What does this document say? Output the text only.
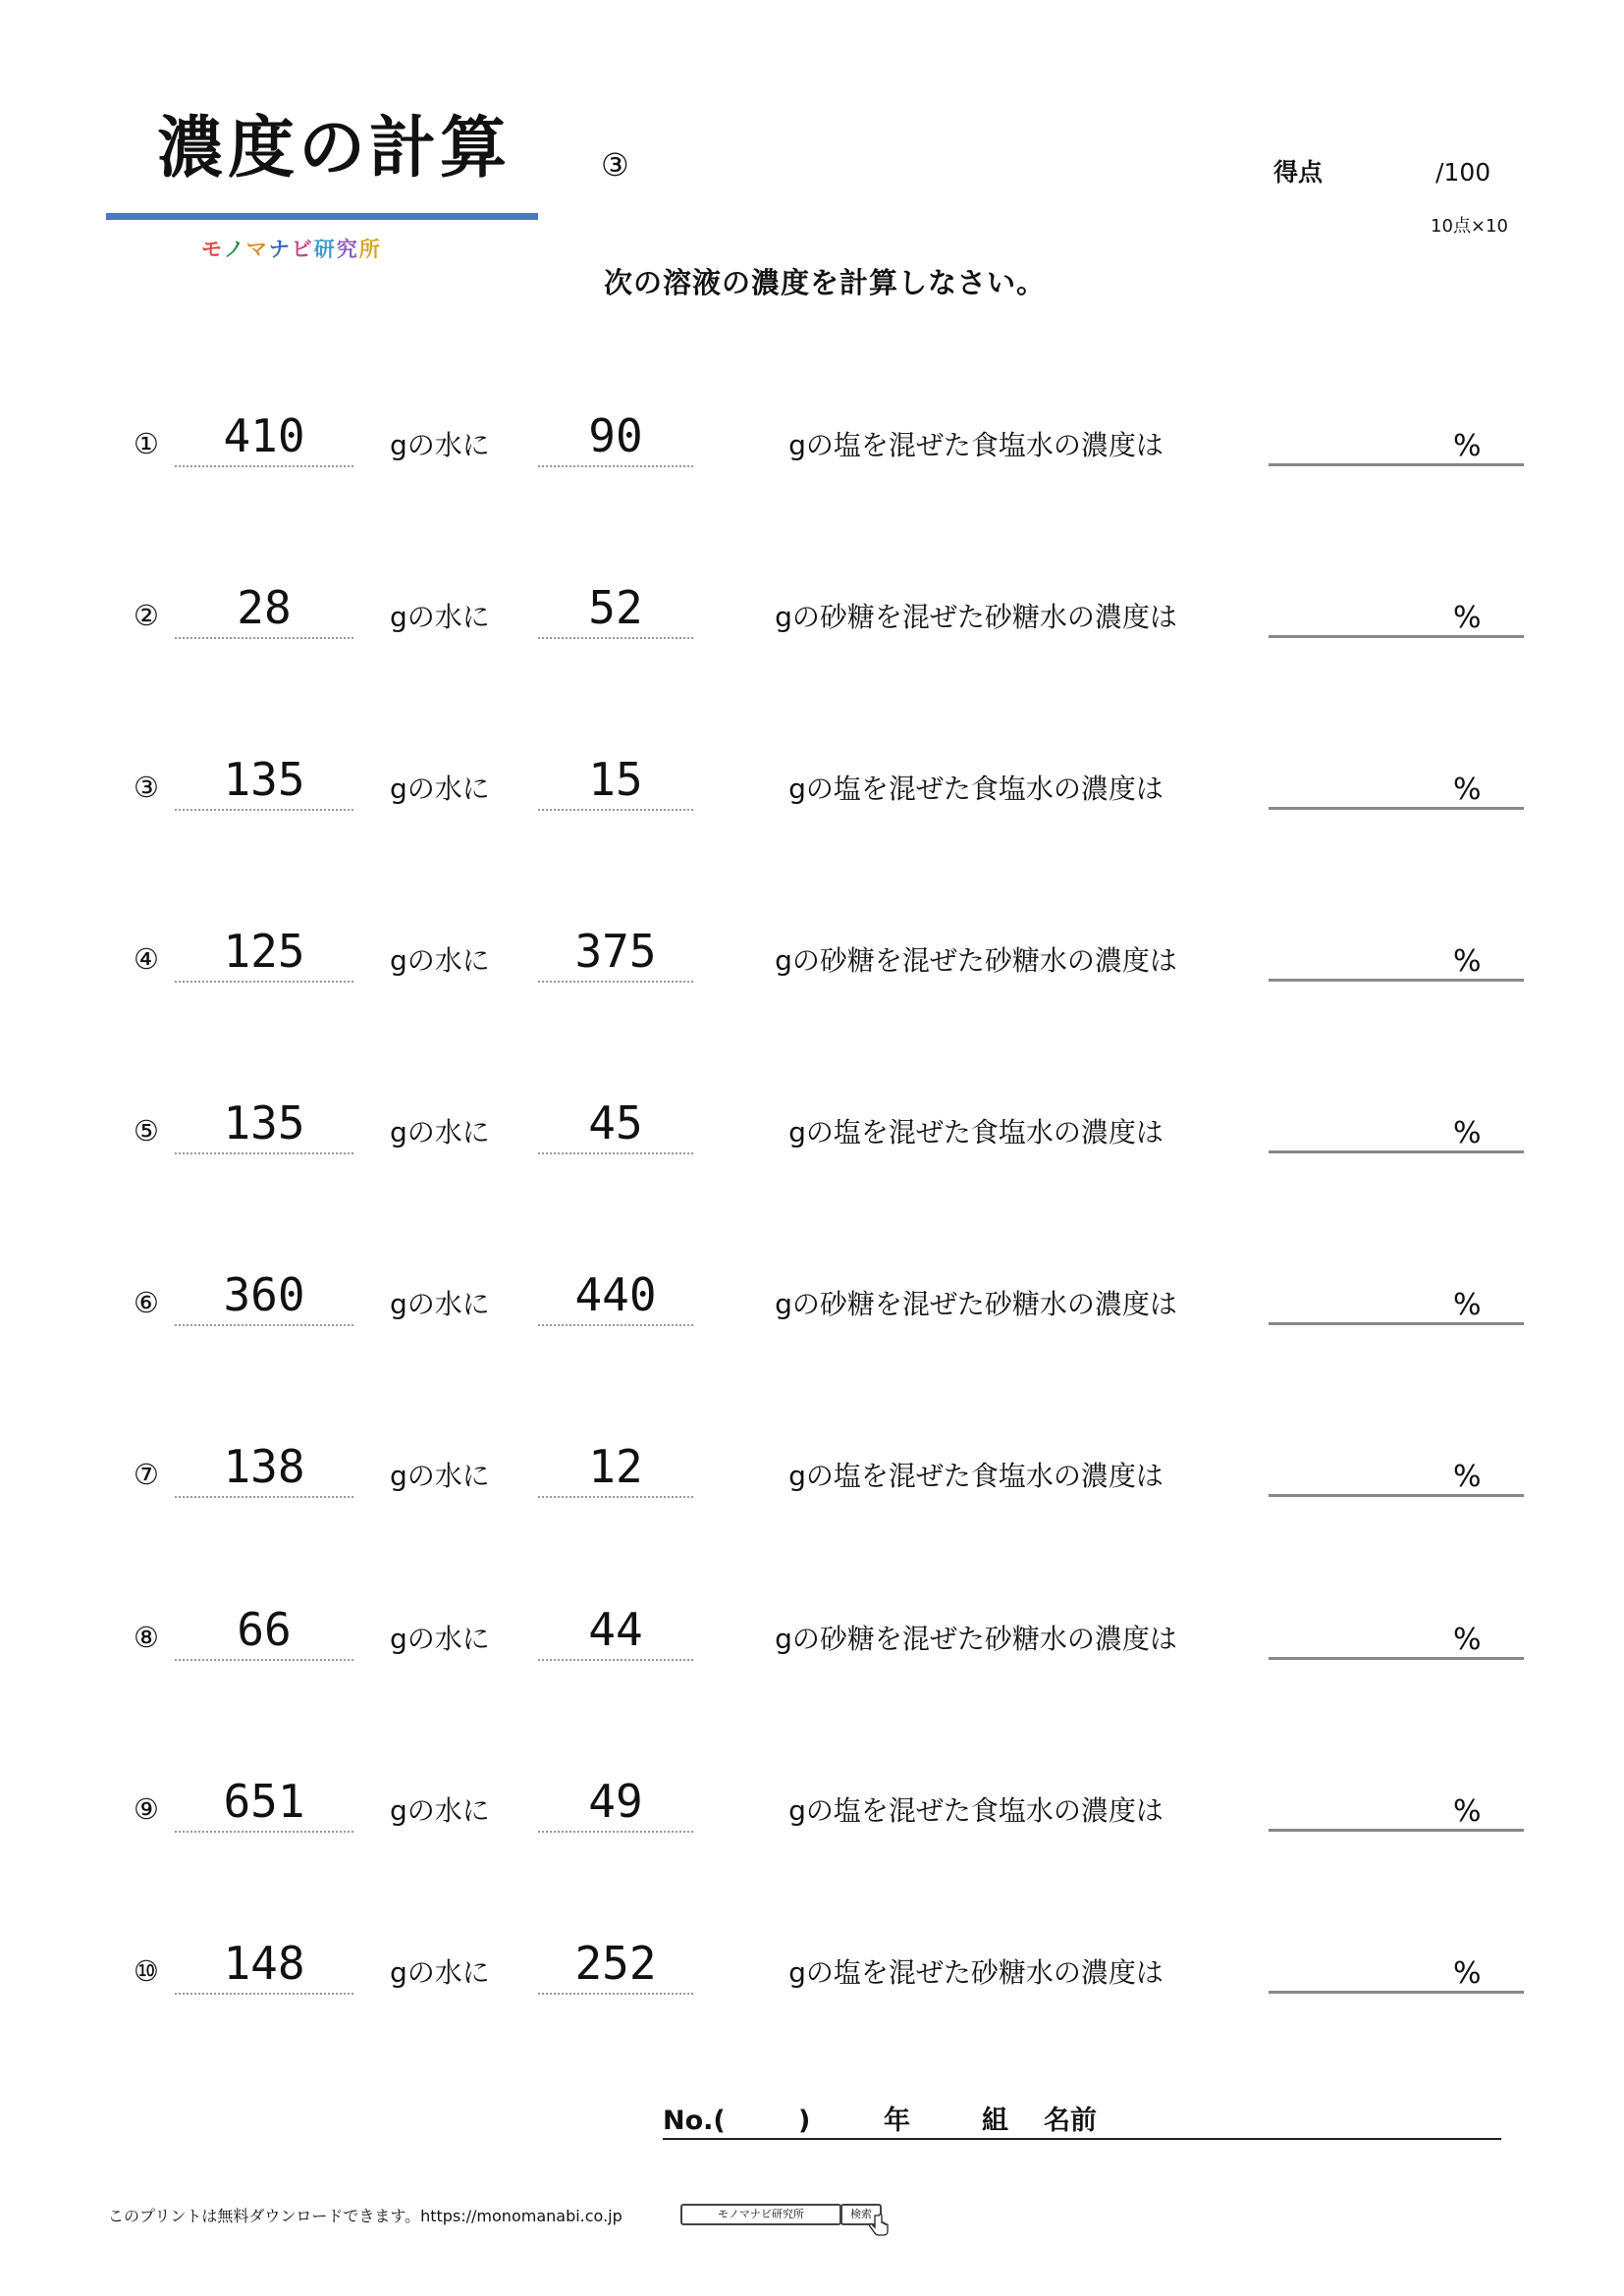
濃度の計算	③
モノマナビ研究所
得点	/100
10点×10
次の溶液の濃度を計算しなさい。
①	410	gの水に	90	gの塩を混ぜた食塩水の濃度は	%
②	28	gの水に	52	gの砂糖を混ぜた砂糖水の濃度は	%
③	135	gの水に	15	gの塩を混ぜた食塩水の濃度は	%
④	125	gの水に	375	gの砂糖を混ぜた砂糖水の濃度は	%
⑤	135	gの水に	45	gの塩を混ぜた食塩水の濃度は	%
⑥	360	gの水に	440	gの砂糖を混ぜた砂糖水の濃度は	%
⑦	138	gの水に	12	gの塩を混ぜた食塩水の濃度は	%
⑧	66	gの水に	44	gの砂糖を混ぜた砂糖水の濃度は	%
⑨	651	gの水に	49	gの塩を混ぜた食塩水の濃度は	%
⑩	148	gの水に	252	gの塩を混ぜた砂糖水の濃度は	%
No.(	)	年	組 名前
このプリントは無料ダウンロードできます。https://monomanabi.co.jp	モノマナビ研究所	検索
